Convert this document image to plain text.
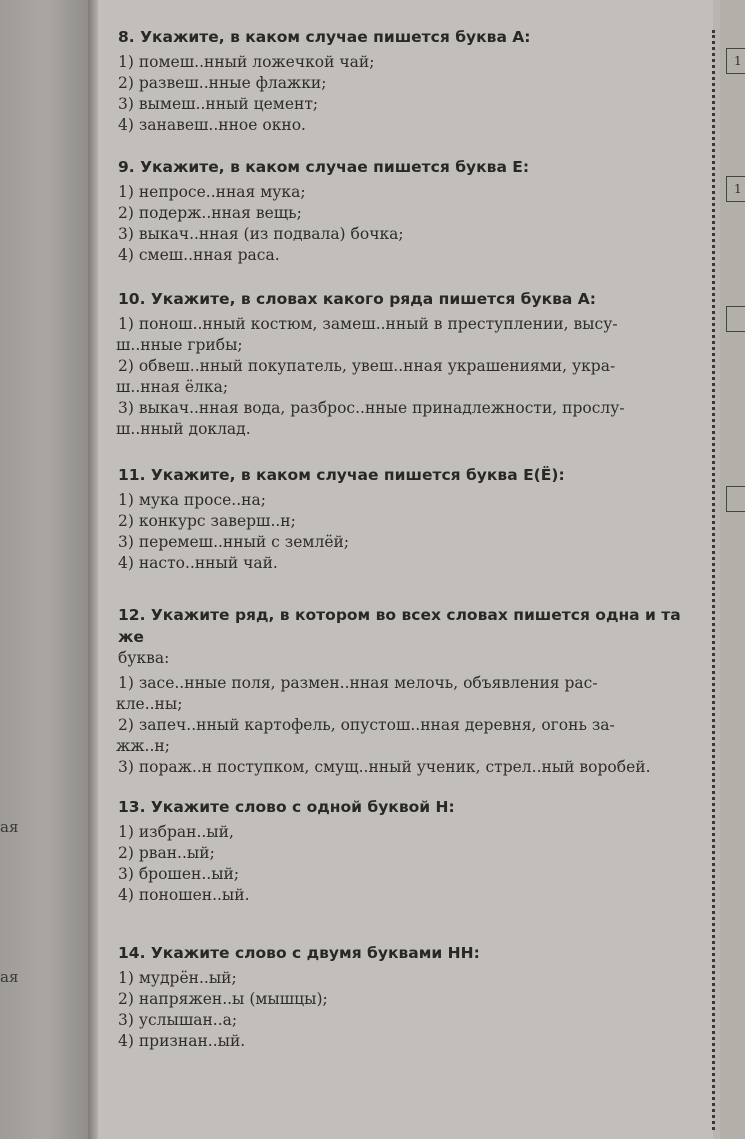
ая
ая
1
1

8. Укажите, в каком случае пишется буква А:

1) помеш..нный ложечкой чай;

2) развеш..нные флажки;

3) вымеш..нный цемент;

4) занавеш..нное окно.

9. Укажите, в каком случае пишется буква Е:

1) непросе..нная мука;

2) подерж..нная вещь;

3) выкач..нная (из подвала) бочка;

4) смеш..нная раса.

10. Укажите, в словах какого ряда пишется буква А:

1) понош..нный костюм, замеш..нный в преступлении, высу-

ш..нные грибы;

2) обвеш..нный покупатель, увеш..нная украшениями, укра-

ш..нная ёлка;

3) выкач..нная вода, разброс..нные принадлежности, прослу-

ш..нный доклад.

11. Укажите, в каком случае пишется буква Е(Ё):

1) мука просе..на;

2) конкурс заверш..н;

3) перемеш..нный с землёй;

4) насто..нный чай.

12. Укажите ряд, в котором во всех словах пишется одна и та же

буква:

1) засе..нные поля, размен..нная мелочь, объявления рас-

кле..ны;

2) запеч..нный картофель, опустош..нная деревня, огонь за-

жж..н;

3) пораж..н поступком, смущ..нный ученик, стрел..ный воробей.

13. Укажите слово с одной буквой Н:

1) избран..ый,

2) рван..ый;

3) брошен..ый;

4) поношен..ый.

14. Укажите слово с двумя буквами НН:

1) мудрён..ый;

2) напряжен..ы (мышцы);

3) услышан..а;

4) признан..ый.
